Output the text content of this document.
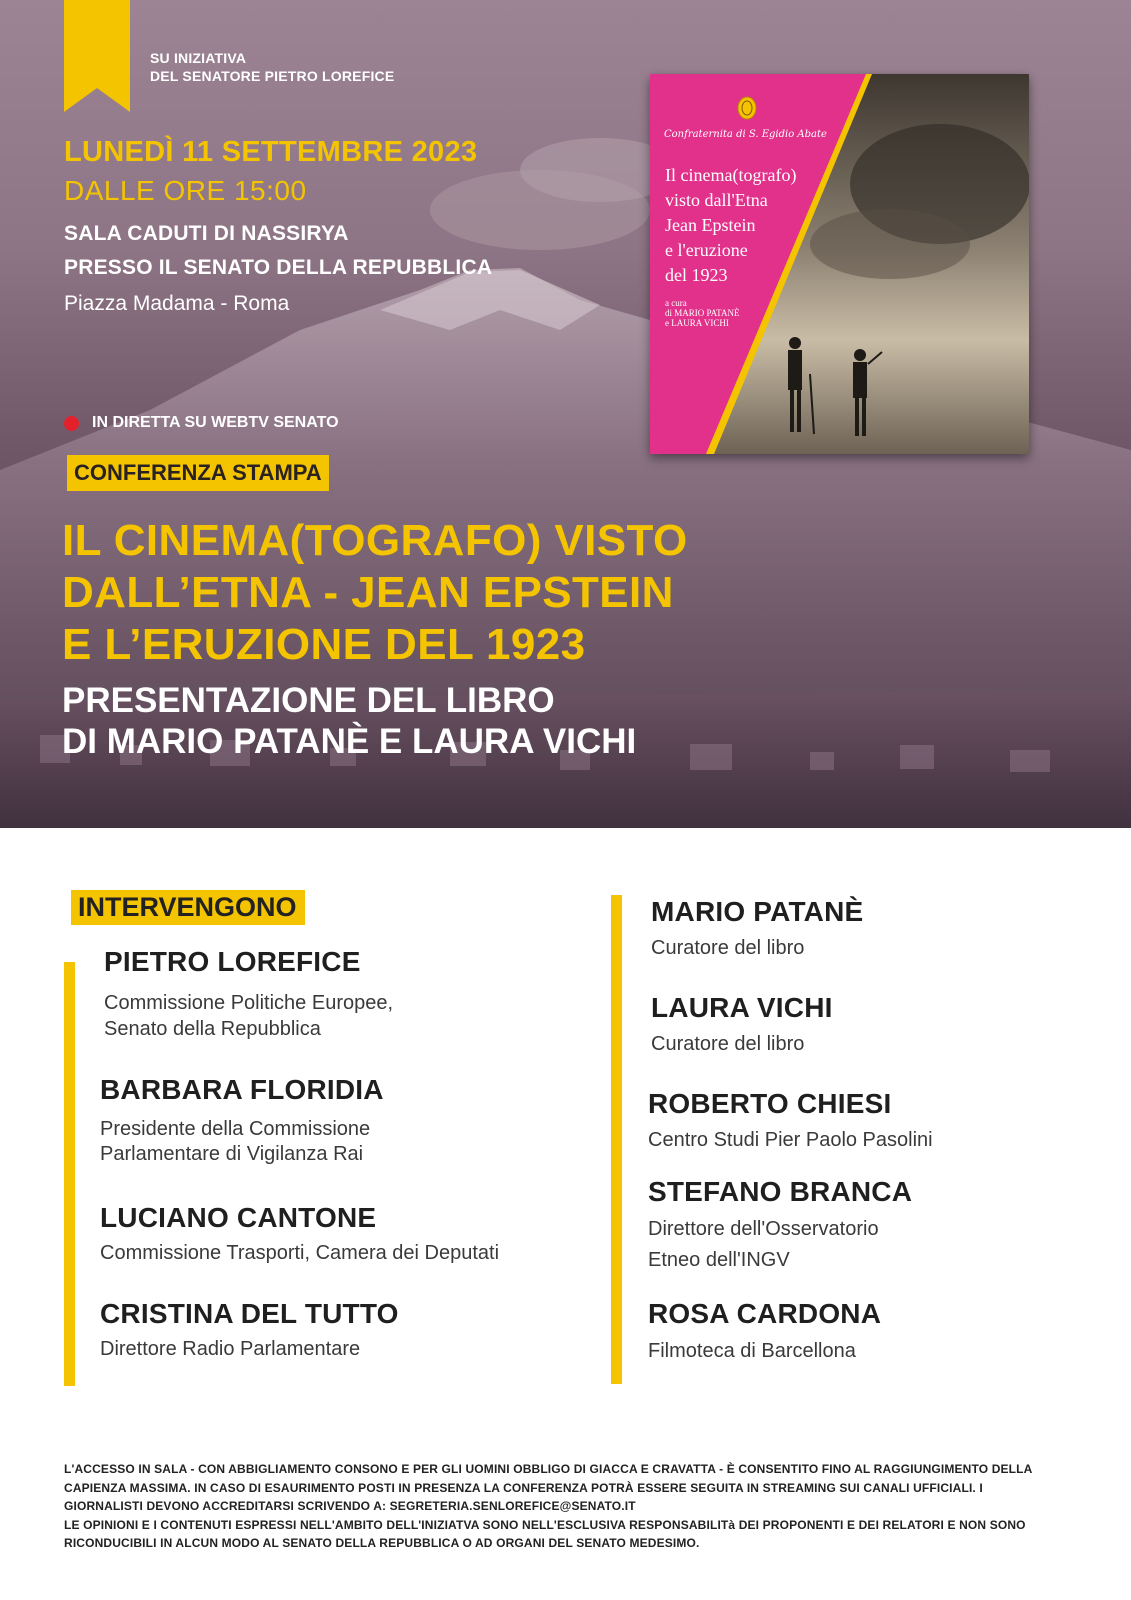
SU INIZIATIVA
DEL SENATORE PIETRO LOREFICE
LUNEDÌ 11 SETTEMBRE 2023
DALLE ORE 15:00
SALA CADUTI DI NASSIRYA
PRESSO IL SENATO DELLA REPUBBLICA
Piazza Madama - Roma
IN DIRETTA SU WEBTV SENATO
CONFERENZA STAMPA
IL CINEMA(TOGRAFO) VISTO
DALL’ETNA - JEAN EPSTEIN
E L’ERUZIONE DEL 1923
PRESENTAZIONE DEL LIBRO
DI MARIO PATANÈ E LAURA VICHI
Confraternita di S. Egidio Abate
Il cinema(tografo)
visto dall'Etna
Jean Epstein
e l'eruzione
del 1923
a cura
di MARIO PATANÈ
e LAURA VICHI
INTERVENGONO
PIETRO LOREFICE
Commissione Politiche Europee,
Senato della Repubblica
BARBARA FLORIDIA
Presidente della Commissione
Parlamentare di Vigilanza Rai
LUCIANO CANTONE
Commissione Trasporti, Camera dei Deputati
CRISTINA DEL TUTTO
Direttore Radio Parlamentare
MARIO PATANÈ
Curatore del libro
LAURA VICHI
Curatore del libro
ROBERTO CHIESI
Centro Studi Pier Paolo Pasolini
STEFANO BRANCA
Direttore dell'Osservatorio
Etneo dell'INGV
ROSA CARDONA
Filmoteca di Barcellona
L'ACCESSO IN SALA - CON ABBIGLIAMENTO CONSONO E PER GLI UOMINI OBBLIGO DI GIACCA E CRAVATTA - È CONSENTITO FINO AL RAGGIUNGIMENTO DELLA
CAPIENZA MASSIMA. IN CASO DI ESAURIMENTO POSTI IN PRESENZA LA CONFERENZA POTRÀ ESSERE SEGUITA IN STREAMING SUI CANALI UFFICIALI. I
GIORNALISTI DEVONO ACCREDITARSI SCRIVENDO A: SEGRETERIA.SENLOREFICE@SENATO.IT
LE OPINIONI E I CONTENUTI ESPRESSI NELL'AMBITO DELL'INIZIATVA SONO NELL'ESCLUSIVA RESPONSABILITà DEI PROPONENTI E DEI RELATORI E NON SONO
RICONDUCIBILI IN ALCUN MODO AL SENATO DELLA REPUBBLICA O AD ORGANI DEL SENATO MEDESIMO.
